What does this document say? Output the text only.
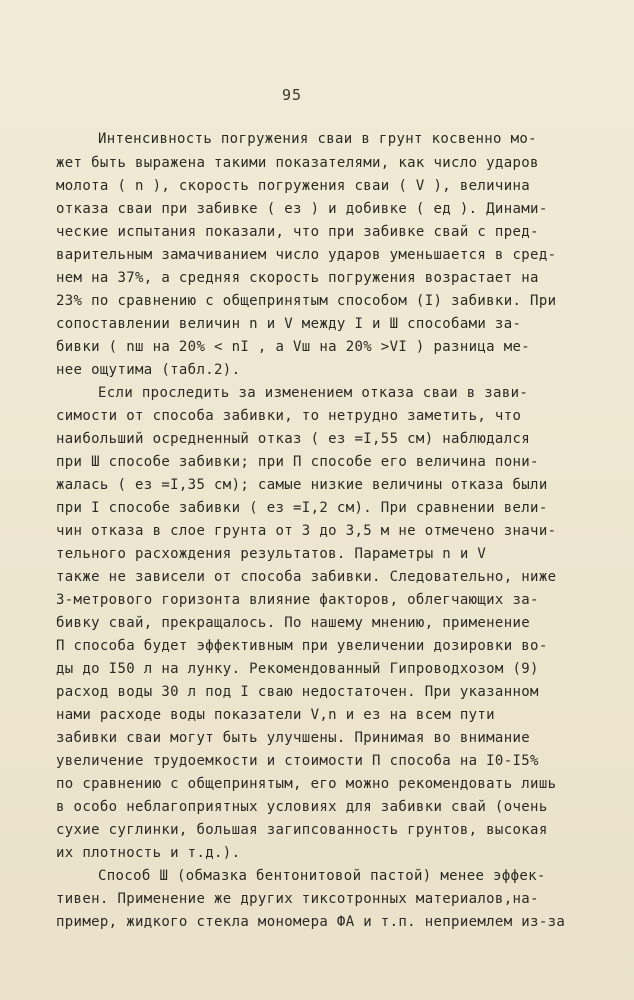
95
Интенсивность погружения сваи в грунт косвенно мо-
жет быть выражена такими показателями, как число ударов
молота ( n ), скорость погружения сваи ( V ), величина
отказа сваи при забивке ( eз ) и добивке ( eд ). Динами-
ческие испытания показали, что при забивке свай с пред-
варительным замачиванием число ударов уменьшается в сред-
нем на 37%, а средняя скорость погружения возрастает на
23% по сравнению с общепринятым способом (I) забивки. При
сопоставлении величин n и V между I и Ш способами за-
бивки ( nш на 20% < nI , а Vш на 20% >VI ) разница ме-
нее ощутима (табл.2).
Если проследить за изменением отказа сваи в зави-
симости от способа забивки, то нетрудно заметить, что
наибольший осредненный отказ ( eз =I,55 см) наблюдался
при Ш способе забивки; при П способе его величина пони-
жалась ( eз =I,35 см); самые низкие величины отказа были
при I способе забивки ( eз =I,2 см). При сравнении вели-
чин отказа в слое грунта от 3 до 3,5 м не отмечено значи-
тельного расхождения результатов. Параметры n и V
также не зависели от способа забивки. Следовательно, ниже
3-метрового горизонта влияние факторов, облегчающих за-
бивку свай, прекращалось. По нашему мнению, применение
П способа будет эффективным при увеличении дозировки во-
ды до I50 л на лунку. Рекомендованный Гипроводхозом (9)
расход воды 30 л под I сваю недостаточен. При указанном
нами расходе воды показатели V,n и eз на всем пути
забивки сваи могут быть улучшены. Принимая во внимание
увеличение трудоемкости и стоимости П способа на I0-I5%
по сравнению с общепринятым, его можно рекомендовать лишь
в особо неблагоприятных условиях для забивки свай (очень
сухие суглинки, большая загипсованность грунтов, высокая
их плотность и т.д.).
Способ Ш (обмазка бентонитовой пастой) менее эффек-
тивен. Применение же других тиксотронных материалов,на-
пример, жидкого стекла мономера ФА и т.п. неприемлем из-за
